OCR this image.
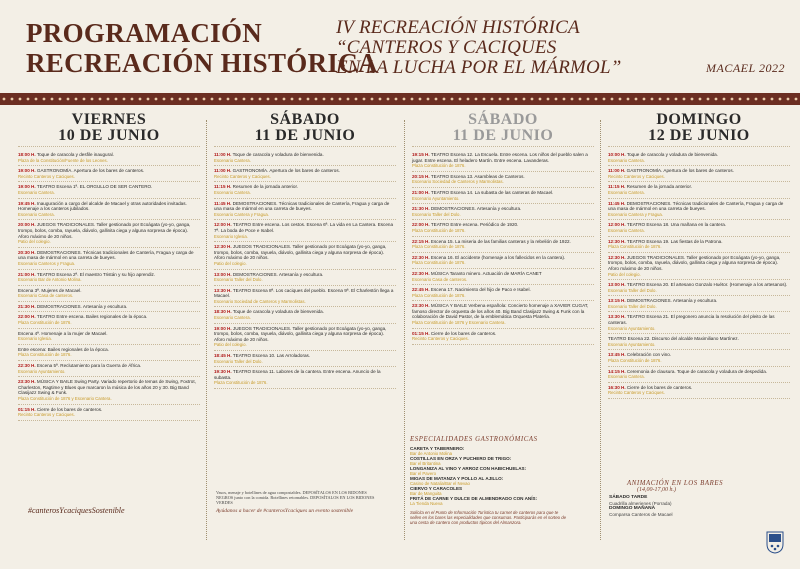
PROGRAMACIÓN
RECREACIÓN HISTÓRICA
IV RECREACIÓN HISTÓRICA
“CANTEROS Y CACIQUES
EN LA LUCHA POR EL MÁRMOL”	MACAEL 2022
VIERNES
10 DE JUNIO
18:00 H. Toque de caracola y desfile inaugural.
Plaza de la Constitución/Fuente de los Leones.
19:00 H. GASTRONOMÍA. Apertura de los bares de canteros.
Recinto Canteros y Caciques.
19:00 H. TEATRO Escena 1ª. EL ORGULLO DE SER CANTERO.
Escenario Cantera.
19:45 H. Inauguración a cargo del alcalde de Macael y otras autoridades invitadas. Homenaje a los canteros jubilados.
Escenario Cantera.
20:00 H. JUEGOS TRADICIONALES. Taller gestionado por Ecoágata (yo-yo, ganga, trompo, bolos, comba, rayuela, diávolo, gallinita ciega y alguna sorpresa de época). Aforo máximo de 20 niños.
Patio del colegio.
20:30 H. DEMOSTRACIONES. Técnicas tradicionales de Cantería, Fragua y carga de una masa de mármol en una carreta de bueyes.
Escenario Canteros y Fragua.
21:00 H. TEATRO Escena 2ª. El maestro Tristán y su hijo aprendiz.
Escenario Bar de Antonio Molina.
Escena 3ª. Mujeres de Macael.
Escenario Casa de canteros.
21:30 H. DEMOSTRACIONES. Artesanía y escultura.
22:00 H. TEATRO Entre escena. Bailes regionales de la época.
Plaza Constitución de 1876.
Escena 4ª. Homenaje a la mujer de Macael.
Escenario Iglesia.
Entre escena: Bailes regionales de la época.
Plaza Constitución de 1876.
22:30 H. Escena 5ª. Reclutamiento para la Guerra de África.
Escenario Ayuntamiento.
23:30 H. MÚSICA Y BAILE Swing Party. Variado repertorio de temas de Swing, Foxtrot, Charleston, Ragtime y Blues que marcaron la música de los años 20 y 30. Big Band Clasijazz Swing & Funk.
Plaza Constitución de 1876 y Escenario Cantera.
01:15 H. Cierre de los bares de canteros.
Recinto Canteros y Caciques.
SÁBADO
11 DE JUNIO
11:00 H. Toque de caracola y voladura de bienvenida.
Escenario Cantera.
11:00 H. GASTRONOMÍA. Apertura de los bares de canteros.
Recinto Canteros y Caciques.
11:15 H. Resumen de la jornada anterior.
Escenario Cantera.
11:45 H. DEMOSTRACIONES. Técnicas tradicionales de Cantería, Fragua y carga de una masa de mármol en una carreta de bueyes.
Escenario Cantera y Fragua.
12:00 H. TEATRO Entre escena. Los cestos. Escena 6ª. La vida en La Cantera. Escena 7ª. La boda de Poce e Isabel.
Escenario Iglesia.
12:30 H. JUEGOS TRADICIONALES. Taller gestionado por Ecoágata (yo-yo, ganga, trompo, bolos, comba, rayuela, diávolo, gallinita ciega y alguna sorpresa de época). Aforo máximo de 20 niños.
Patio del colegio.
13:00 H. DEMOSTRACIONES. Artesanía y escultura.
Escenario Taller del Dolo.
13:30 H. TEATRO Escena 8ª. Los caciques del pueblo. Escena 9ª. El Charlestón llega a Macael.
Escenario Sociedad de Canteros y Marmolistas.
18:30 H. Toque de caracola y voladura de bienvenida.
Escenario Cantera.
19:00 H. JUEGOS TRADICIONALES. Taller gestionado por Ecoágata (yo-yo, ganga, trompo, bolos, comba, rayuela, diávolo, gallinita ciega y alguna sorpresa de época). Aforo máximo de 20 niños.
Patio del colegio.
18:45 H. TEATRO Escena 10. Las Arroladoras.
Escenario Taller del Dolo.
19:30 H. TEATRO Escena 11. Labores de la cantera. Entre escena. Anuncio de la subasta.
Plaza Constitución de 1876.
SÁBADO
11 DE JUNIO
19:15 H. TEATRO Escena 12. La Escuela. Entre escena. Los niños del pueblo salen a jugar. Entre escena. El heladero Martín. Entre escena. Lavanderas.
Plaza Constitución de 1876.
20:15 H. TEATRO Escena 13. Asambleas de Canteros.
Escenario Sociedad de Canteros y Marmolistas.
21:00 H. TEATRO Escena 14. La subasta de las canteras de Macael.
Escenario Ayuntamiento.
21:30 H. DEMOSTRACIONES. Artesanía y escultura.
Escenario Taller del Dolo.
22:00 H. TEATRO Entre escena. Periódico de 1920.
Plaza Constitución de 1876.
22:15 H. Escena 15. La miseria de las familias canteras y la rebelión de 1922.
Plaza Constitución de 1876.
22:30 H. Escena 16. El accidente (homenaje a los fallecidos en la cantera).
Plaza Constitución de 1876.
22:30 H. MÚSICA Taranto minero. Actuación de MARÍA CANET
Escenario Casa de canteros.
22:45 H. Escena 17. Nacimiento del hijo de Paco e Isabel.
Plaza Constitución de 1876.
23:30 H. MÚSICA Y BAILE Verbena española: Concierto homenaje a XAVIER CUGAT, famoso director de orquesta de los años 40. Big Band Clasijazz Swing & Funk con la colaboración de David Pastor, de la emblemática Orquesta Platería.
Plaza Constitución de 1876 y Escenario Cantera.
01:15 H. Cierre de los bares de canteros.
Recinto Canteros y Caciques.
DOMINGO
12 DE JUNIO
10:00 H. Toque de caracola y voladura de bienvenida.
Escenario Cantera.
11:00 H. GASTRONOMÍA. Apertura de los bares de canteros.
Recinto Canteros y Caciques.
11:15 H. Resumen de la jornada anterior.
Escenario Cantera.
11:45 H. DEMOSTRACIONES. Técnicas tradicionales de Cantería, Fragua y carga de una masa de mármol en una carreta de bueyes.
Escenario Cantera y Fragua.
12:00 H. TEATRO Escena 18. Una mañana en la cantera.
Escenario Cantera.
12:30 H. TEATRO Escena 19. Las fiestas de la Patrona.
Plaza Constitución de 1876.
12:30 H. JUEGOS TRADICIONALES. Taller gestionado por Ecoágata (yo-yo, ganga, trompo, bolos, comba, rayuela, diávolo, gallinita ciega y alguna sorpresa de época). Aforo máximo de 20 niños.
Patio del colegio.
13:00 H. TEATRO Escena 20. El artesano Gonzalo Huétor. (Homenaje a los artesanos).
Escenario Taller del Dolo.
13:15 H. DEMOSTRACIONES. Artesanía y escultura.
Escenario Taller del Dolo.
13:30 H. TEATRO Escena 21. El pregonero anuncia la resolución del pleito de las canteras.
Escenario Ayuntamiento.
TEATRO Escena 22. Discurso del alcalde Maximiliano Martínez.
Escenario Ayuntamiento.
13:45 H. Celebración con vino.
Plaza Constitución de 1876.
14:15 H. Ceremonia de clausura. Toque de caracola y voladura de despedida.
Escenario Cantera.
16:30 H. Cierre de los bares de canteros.
Recinto Canteros y Caciques.
#canterosYcaciquesSostenible
Vasos, menaje y botellines de agua compostables. DEPOSÍTALOS EN LOS BIDONES NEGROS junto con la comida. Botellines retornables. DEPOSÍTALOS EN LOS BIDONES VERDES
Ayúdanos a hacer de #canterosYcaciques un evento sostenible
ESPECIALIDADES GASTRONÓMICAS
CARETA Y TABERNERO:
Bar de Antonio Molina
COSTILLAS EN ORZA Y PUCHERO DE TRIGO:
Bar el Britantina
LONGANIZA AL VINO Y ARROZ CON HABICHUELAS:
Bar el Pavero
MIGAS DE MATANZA Y POLLO AL AJILLO:
Casino de Natalia/Bar el Nevao
CIERVO Y CARACOLES
Bar de Manguita
FRITÁ DE CARNE Y DULCE DE ALMENDRADO CON ANÍS:
La Tienda Nueva
Solicita en el Punto de Información Turística tu carnet de canteros para que te sellen en los bares las especialidades que consumas. Participarás en el sorteo de una cesta de cantero con productos típicos del Almanzora.
ANIMACIÓN EN LOS BARES
(14,00-17,00 h.)
SÁBADO TARDE
Cuadrilla almerienes (Porrada)
DOMINGO MAÑANA
Comparsa Canteros de Macael
